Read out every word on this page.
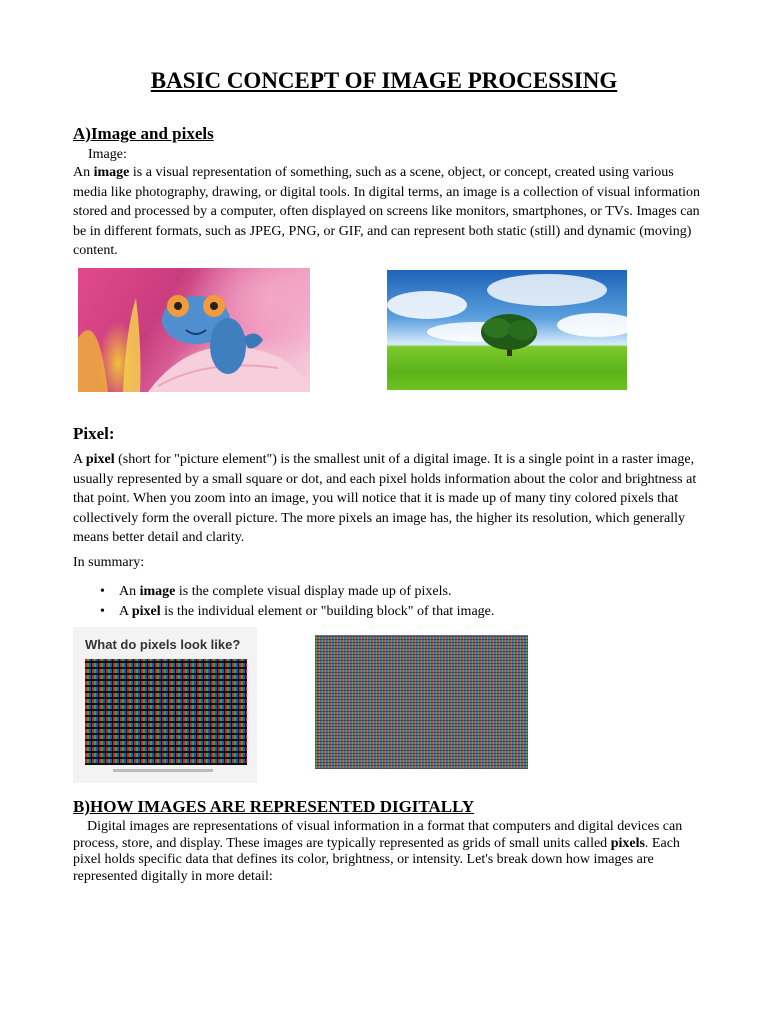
BASIC CONCEPT OF IMAGE PROCESSING
A)Image and pixels
Image:

An image is a visual representation of something, such as a scene, object, or concept, created using various media like photography, drawing, or digital tools. In digital terms, an image is a collection of visual information stored and processed by a computer, often displayed on screens like monitors, smartphones, or TVs. Images can be in different formats, such as JPEG, PNG, or GIF, and can represent both static (still) and dynamic (moving) content.

Pixel:

A pixel (short for "picture element") is the smallest unit of a digital image. It is a single point in a raster image, usually represented by a small square or dot, and each pixel holds information about the color and brightness at that point. When you zoom into an image, you will notice that it is made up of many tiny colored pixels that collectively form the overall picture. The more pixels an image has, the higher its resolution, which generally means better detail and clarity.

In summary:
• An image is the complete visual display made up of pixels.
• A pixel is the individual element or "building block" of that image.
What do pixels look like?
B)HOW IMAGES ARE REPRESENTED DIGITALLY

Digital images are representations of visual information in a format that computers and digital devices can process, store, and display. These images are typically represented as grids of small units called pixels. Each pixel holds specific data that defines its color, brightness, or intensity. Let's break down how images are represented digitally in more detail:
